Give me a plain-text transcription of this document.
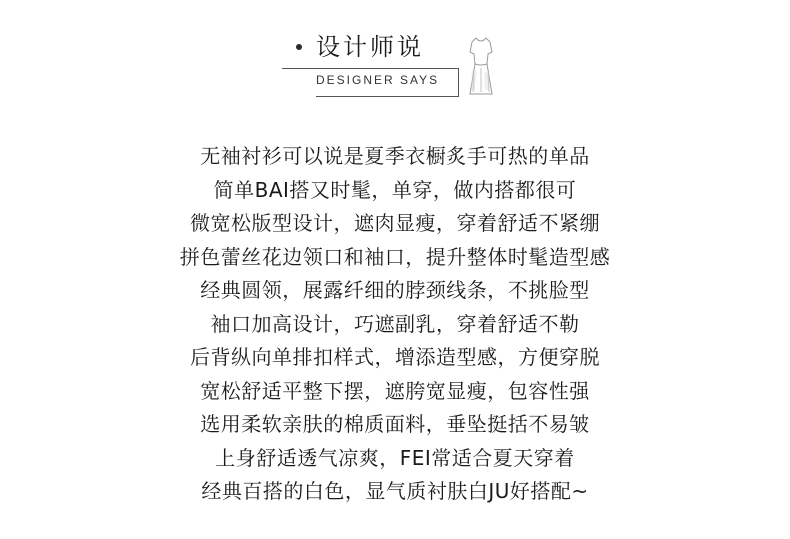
设计师说
DESIGNER SAYS
无袖衬衫可以说是夏季衣橱炙手可热的单品
简单BAI搭又时髦，单穿，做内搭都很可
微宽松版型设计，遮肉显瘦，穿着舒适不紧绷
拼色蕾丝花边领口和袖口，提升整体时髦造型感
经典圆领，展露纤细的脖颈线条，不挑脸型
袖口加高设计，巧遮副乳，穿着舒适不勒
后背纵向单排扣样式，增添造型感，方便穿脱
宽松舒适平整下摆，遮胯宽显瘦，包容性强
选用柔软亲肤的棉质面料，垂坠挺括不易皱
上身舒适透气凉爽，FEI常适合夏天穿着
经典百搭的白色，显气质衬肤白JU好搭配~
